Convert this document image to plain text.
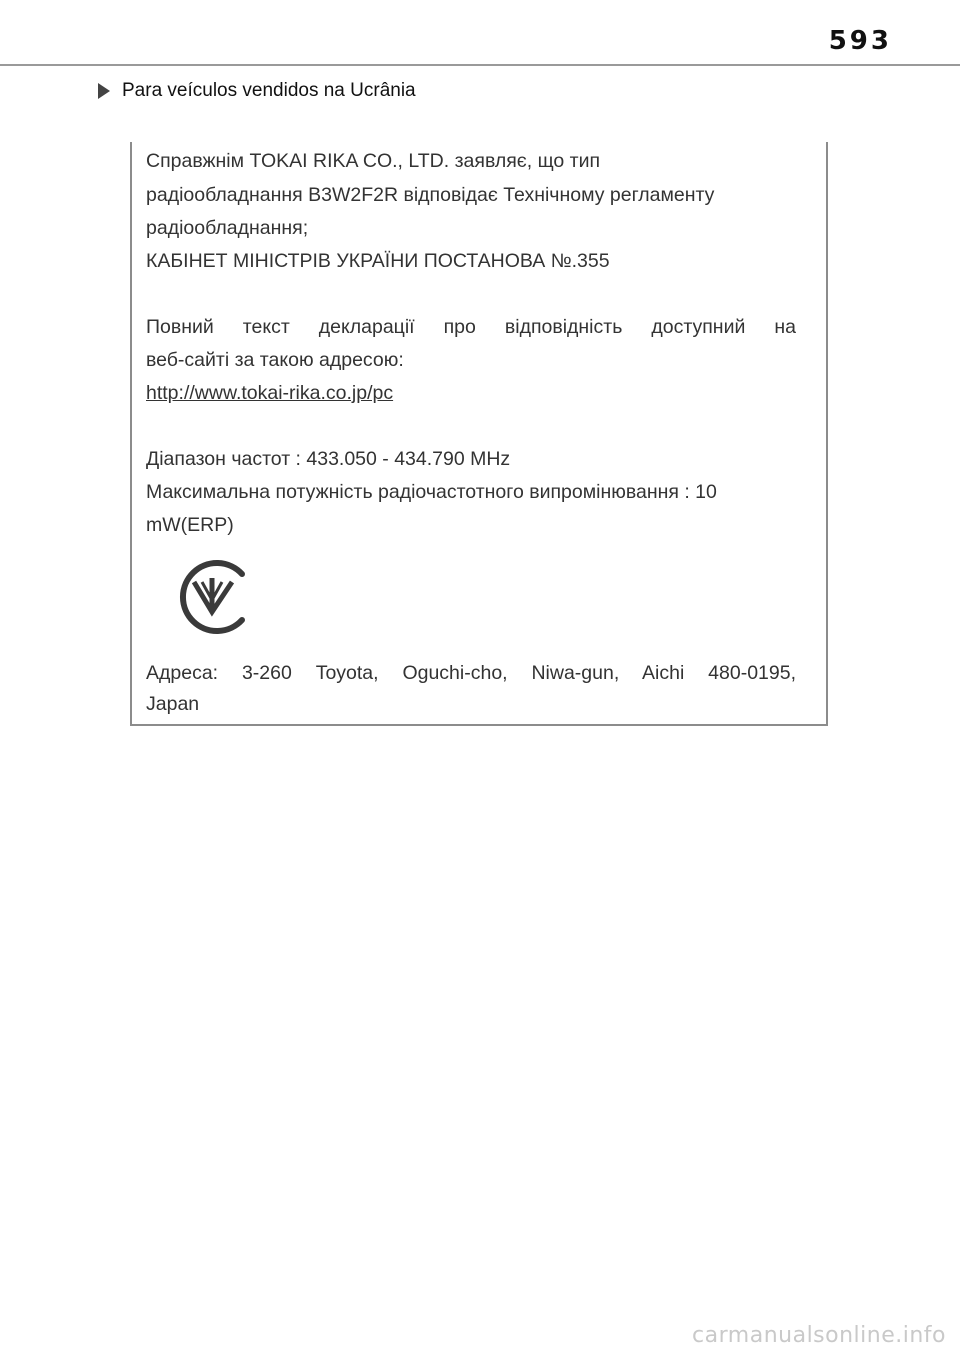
593
Para veículos vendidos na Ucrânia

Справжнім TOKAI RIKA CO., LTD. заявляє, що тип

радіообладнання B3W2F2R відповідає Технічному регламенту

радіообладнання;

КАБІНЕТ МІНІСТРІВ УКРАЇНИ ПОСТАНОВА №.355

Повний текст декларації про відповідність доступний на

веб-сайті за такою адресою:

http://www.tokai-rika.co.jp/pc

Діапазон частот : 433.050 - 434.790 MHz

Максимальна потужність радіочастотного випромінювання : 10

mW(ERP)

Адреса: 3-260 Toyota, Oguchi-cho, Niwa-gun, Aichi 480-0195,

Japan

carmanualsonline.info
